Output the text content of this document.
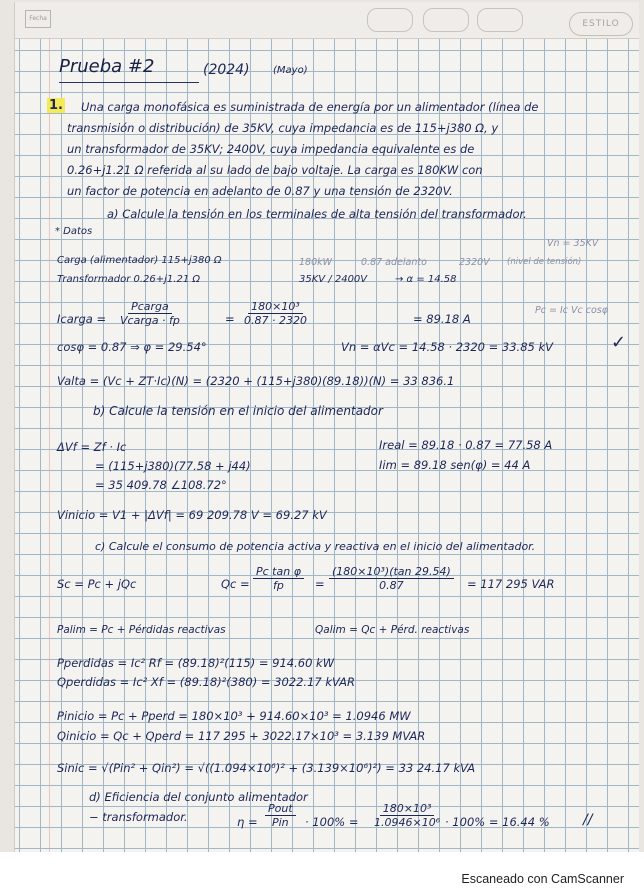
Fecha
ESTILO
Prueba #2	(2024) (Mayo)
1. Una carga monofásica es suministrada de energía por un alimentador (línea de
transmisión o distribución) de 35KV, cuya impedancia es de 115+j380 Ω, y
un transformador de 35KV; 2400V, cuya impedancia equivalente es de
0.26+j1.21 Ω referida al su lado de bajo voltaje. La carga es 180KW con
un factor de potencia en adelanto de 0.87 y una tensión de 2320V.
a) Calcule la tensión en los terminales de alta tensión del transformador.
* Datos
Vn = 35KV
Carga (alimentador) 115+j380 Ω	180kW	0.87 adelanto	2320V (nivel de tensión)
Transformador 0.26+j1.21 Ω	35KV / 2400V	→ α = 14.58
Icarga =
Pcarga
Vcarga · fp	= $\frac{\text{180×10³}}{0.87 \cdot 2320}$	= 89.18 A
Pc = Ic Vc cosφ
cosφ = 0.87 ⇒ φ = 29.54°	Vn = αVc = 14.58 · 2320 = 33.85 kV	✓
Valta = (Vc + ZT·Ic)(N) = (2320 + (115+j380)(89.18))(N) = 33 836.1
b) Calcule la tensión en el inicio del alimentador
ΔVf = Zf · Ic
= (115+j380)(77.58 + j44)
= 35 409.78 ∠108.72°
Ireal = 89.18 · 0.87 = 77.58 A
Iim = 89.18 sen(φ) = 44 A
Vinicio = V1 + |ΔVf| = 69 209.78 V = 69.27 kV
c) Calcule el consumo de potencia activa y reactiva en el inicio del alimentador.
Sc = Pc + jQc	$Qc = \frac{\text{Pc tan φ}}{fp} = \frac{\text{(180×10³)(tan 29.54)}}{0.87} = 117$ 295 VAR
Palim = Pc + Pérdidas reactivas	Qalim = Qc + Pérd. reactivas
Pperdidas = Ic² Rf = (89.18)²(115) = 914.60 kW
Qperdidas = Ic² Xf = (89.18)²(380) = 3022.17 kVAR
Pinicio = Pc + Pperd = 180×10³ + 914.60×10³ = 1.0946 MW
Qinicio = Qc + Qperd = 117 295 + 3022.17×10³ = 3.139 MVAR
Sinic = √(Pin² + Qin²) = √((1.094×10⁶)² + (3.139×10⁶)²) = 33 24.17 kVA
d) Eficiencia del conjunto alimentador
− transformador.	η =
Pout
Pin · $100\% = \frac{\text{180×10³}}{\text{1.0946×10⁶}} \cdot 100\% = 16.44$ % //
Escaneado con CamScanner
